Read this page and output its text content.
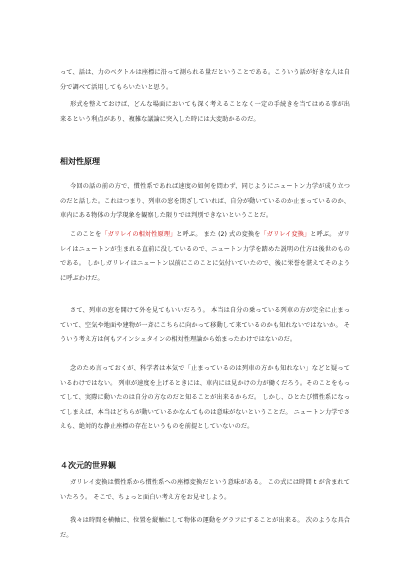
って、話は、力のベクトルは座標に沿って測られる量だということである。こういう話が好きな人は自分で調べて活用してもらいたいと思う。

形式を整えておけば、どんな場面においても深く考えることなく一定の手続きを当てはめる事が出来るという利点があり、複雑な議論に突入した時には大変助かるのだ。

相対性原理

今回の話の前の方で、慣性系であれば速度の如何を問わず、同じようにニュートン力学が成り立つのだと話した。これはつまり、列車の窓を閉ざしていれば、自分が動いているのか止まっているのか、車内にある物体の力学現象を観察した限りでは判別できないということだ。

このことを「ガリレイの相対性原理」と呼ぶ。 また (2) 式の変換を「ガリレイ変換」と呼ぶ。 ガリレイはニュートンが生まれる直前に没しているので、ニュートン力学を踏めた説明の仕方は後世のものである。 しかしガリレイはニュートン以前にこのことに気付いていたので、後に栄誉を湛えてそのように呼ぶわけだ。

さて、列車の窓を開けて外を見てもいいだろう。 本当は自分の乗っている列車の方が完全に止まっていて、空気や地面や建物が一斉にこちらに向かって移動して来ているのかも知れないではないか。 そういう考え方は何もアインシュタインの相対性理論から始まったわけではないのだ。

念のため言っておくが、科学者は本気で「止まっているのは列車の方かも知れない」などと疑っているわけではない。 列車が速度を上げるときには、車内には見かけの力が働くだろう。そのことをもってして、実際に動いたのは自分の方なのだと知ることが出来るからだ。 しかし、ひとたび慣性系になってしまえば、本当はどちらが動いているかなんてものは意味がないということだ。 ニュートン力学でさえも、絶対的な静止座標の存在というものを前提としていないのだ。

４次元的世界観

ガリレイ変換は慣性系から慣性系への座標変換だという意味がある。 この式には時間 t が含まれていたろう。 そこで、ちょっと面白い考え方をお見せしよう。

我々は時間を横軸に、位置を縦軸にして物体の運動をグラフにすることが出来る。 次のような具合だ。
